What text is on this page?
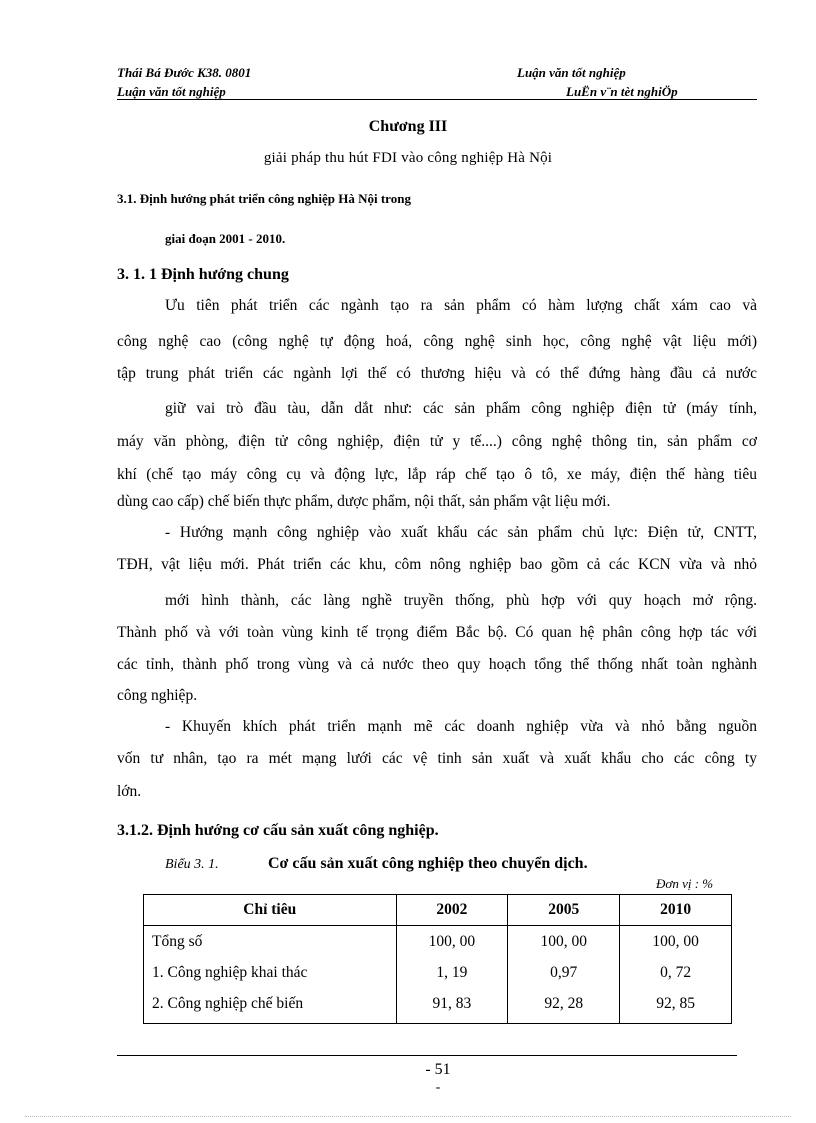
Thái Bá Đước K38. 0801	Luận văn tốt nghiệp
Luận văn tốt nghiệp	LuËn v¨n tèt nghiÖp
Chương III
giải pháp thu hút FDI vào công nghiệp Hà Nội
3.1. Định hướng phát triển công nghiệp Hà Nội trong
giai đoạn 2001 - 2010.
3. 1. 1 Định hướng chung
Ưu tiên phát triển các ngành tạo ra sản phẩm có hàm lượng chất xám cao và
công nghệ cao (công nghệ tự động hoá, công nghệ sinh học, công nghệ vật liệu mới)
tập trung phát triển các ngành lợi thế có thương hiệu và có thể đứng hàng đầu cả nước
giữ vai trò đầu tàu, dẫn dắt như: các sản phẩm công nghiệp điện tử (máy tính,
máy văn phòng, điện tử công nghiệp, điện tử y tế....) công nghệ thông tin, sản phẩm cơ
khí (chế tạo máy công cụ và động lực, lắp ráp chế tạo ô tô, xe máy, điện thế hàng tiêu
dùng cao cấp) chế biến thực phẩm, dược phẩm, nội thất, sản phẩm vật liệu mới.
- Hướng mạnh công nghiệp vào xuất khẩu các sản phẩm chủ lực: Điện tử, CNTT,
TĐH, vật liệu mới. Phát triển các khu, côm nông nghiệp bao gồm cả các KCN vừa và nhỏ
mới hình thành, các làng nghề truyền thống, phù hợp với quy hoạch mở rộng.
Thành phố và với toàn vùng kinh tế trọng điểm Bắc bộ. Có quan hệ phân công hợp tác với
các tỉnh, thành phố trong vùng và cả nước theo quy hoạch tổng thể thống nhất toàn nghành
công nghiệp.
- Khuyến khích phát triển mạnh mẽ các doanh nghiệp vừa và nhỏ bằng nguồn
vốn tư nhân, tạo ra mét mạng lưới các vệ tinh sản xuất và xuất khẩu cho các công ty
lớn.
3.1.2. Định hướng cơ cấu sản xuất công nghiệp.
Biểu 3. 1.	Cơ cấu sản xuất công nghiệp theo chuyển dịch.
Đơn vị : %
Chỉ tiêu	2002	2005	2010
Tổng số	100, 00	100, 00	100, 00
1. Công nghiệp khai thác	1, 19	0,97	0, 72
2. Công nghiệp chế biến	91, 83	92, 28	92, 85
- 51
-
